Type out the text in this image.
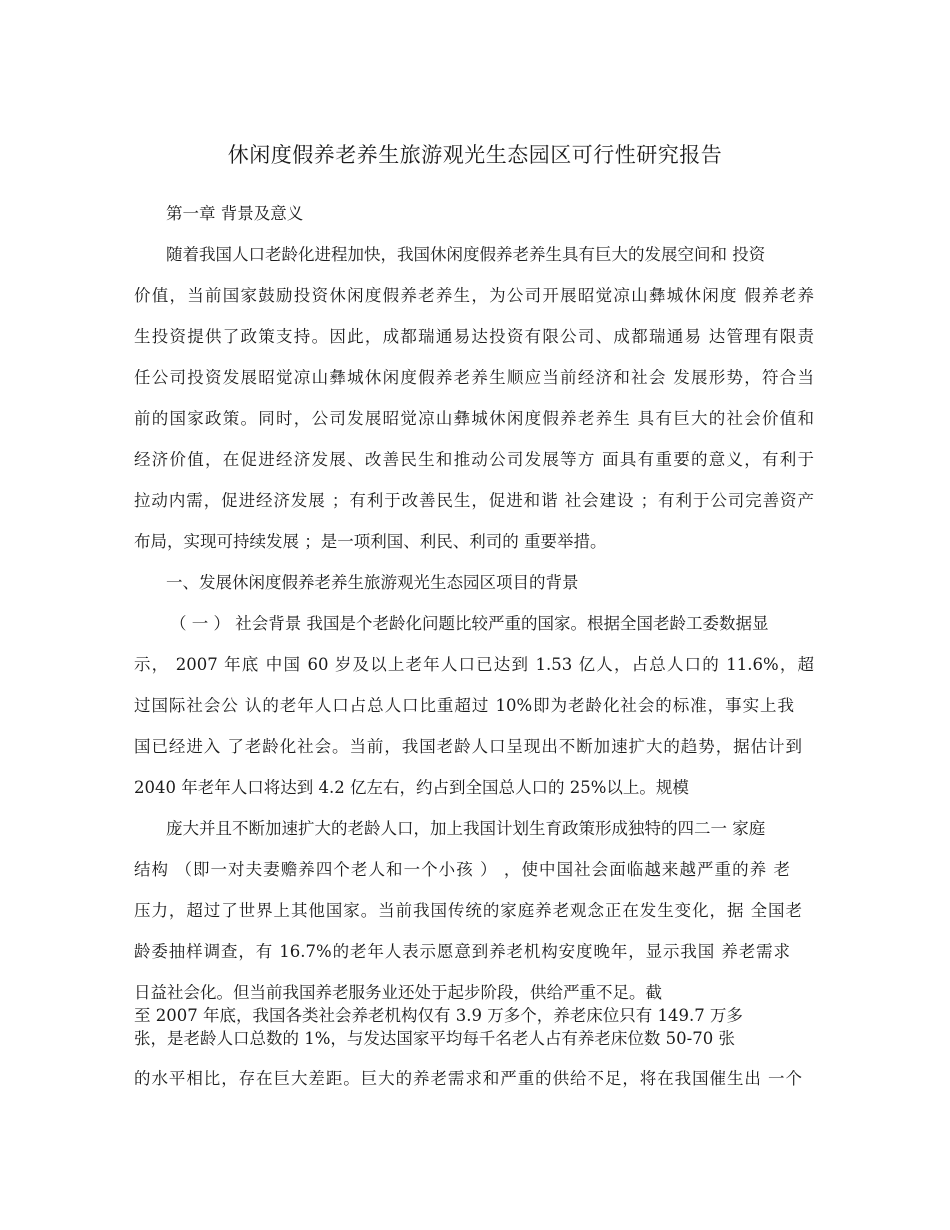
休闲度假养老养生旅游观光生态园区可行性研究报告
第一章 背景及意义
随着我国人口老龄化进程加快，我国休闲度假养老养生具有巨大的发展空间和 投资
价值，当前国家鼓励投资休闲度假养老养生，为公司开展昭觉凉山彝城休闲度 假养老养
生投资提供了政策支持。因此，成都瑞通易达投资有限公司、成都瑞通易 达管理有限责
任公司投资发展昭觉凉山彝城休闲度假养老养生顺应当前经济和社会 发展形势，符合当
前的国家政策。同时，公司发展昭觉凉山彝城休闲度假养老养生 具有巨大的社会价值和
经济价值，在促进经济发展、改善民生和推动公司发展等方 面具有重要的意义，有利于
拉动内需，促进经济发展 ；有利于改善民生，促进和谐 社会建设 ；有利于公司完善资产
布局，实现可持续发展 ；是一项利国、利民、利司的 重要举措。
一、发展休闲度假养老养生旅游观光生态园区项目的背景
（ 一 ） 社会背景 我国是个老龄化问题比较严重的国家。根据全国老龄工委数据显
示， 2007 年底 中国 60 岁及以上老年人口已达到 1.53 亿人，占总人口的 11.6%，超
过国际社会公 认的老年人口占总人口比重超过 10%即为老龄化社会的标准，事实上我
国已经进入 了老龄化社会。当前，我国老龄人口呈现出不断加速扩大的趋势，据估计到
2040 年老年人口将达到 4.2 亿左右，约占到全国总人口的 25%以上。规模
庞大并且不断加速扩大的老龄人口，加上我国计划生育政策形成独特的四二一 家庭
结构 （即一对夫妻赡养四个老人和一个小孩 ） ，使中国社会面临越来越严重的养 老
压力，超过了世界上其他国家。当前我国传统的家庭养老观念正在发生变化，据 全国老
龄委抽样调查，有 16.7%的老年人表示愿意到养老机构安度晚年，显示我国 养老需求
日益社会化。但当前我国养老服务业还处于起步阶段，供给严重不足。截
至 2007 年底，我国各类社会养老机构仅有 3.9 万多个，养老床位只有 149.7 万多
张，是老龄人口总数的 1%，与发达国家平均每千名老人占有养老床位数 50-70 张
的水平相比，存在巨大差距。巨大的养老需求和严重的供给不足，将在我国催生出 一个
